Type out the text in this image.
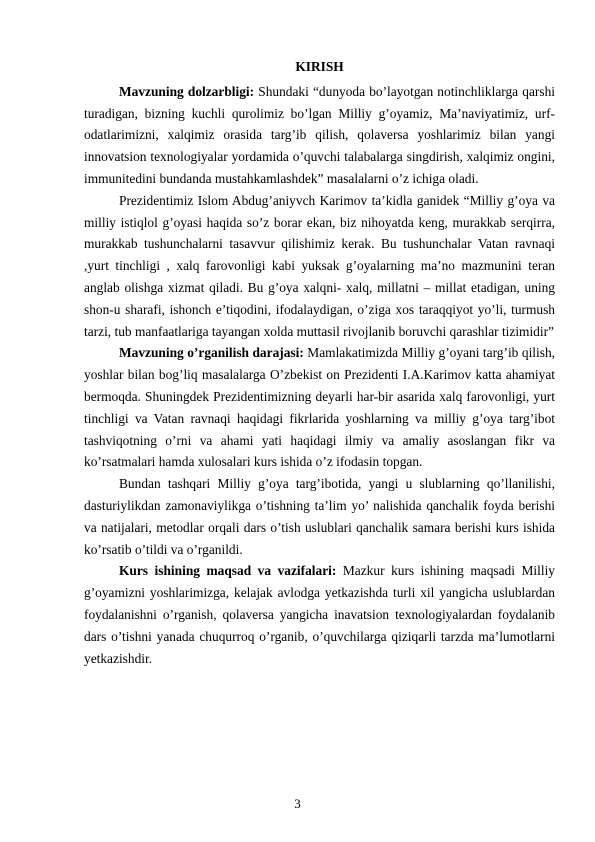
KIRISH

Mavzuning dolzarbligi: Shundaki “dunyoda bo’layotgan notinchliklarga qarshi turadigan, bizning kuchli qurolimiz bo’lgan Milliy g’oyamiz, Ma’naviyatimiz, urf-odatlarimizni, xalqimiz orasida targ’ib qilish, qolaversa yoshlarimiz bilan yangi innovatsion texnologiyalar yordamida o’quvchi talabalarga singdirish, xalqimiz ongini, immunitedini bundanda mustahkamlashdek” masalalarni o’z ichiga oladi.

Prezidentimiz Islom Abdug’aniyvch Karimov ta’kidla ganidek “Milliy g’oya va milliy istiqlol g’oyasi haqida so’z borar ekan, biz nihoyatda keng, murakkab serqirra, murakkab tushunchalarni tasavvur qilishimiz kerak. Bu tushunchalar Vatan ravnaqi ,yurt tinchligi , xalq farovonligi kabi yuksak g’oyalarning ma’no mazmunini teran anglab olishga xizmat qiladi. Bu g’oya xalqni- xalq, millatni – millat etadigan, uning shon-u sharafi, ishonch e’tiqodini, ifodalaydigan, o’ziga xos taraqqiyot yo’li, turmush tarzi, tub manfaatlariga tayangan xolda muttasil rivojlanib boruvchi qarashlar tizimidir”

Mavzuning o’rganilish darajasi: Mamlakatimizda Milliy g’oyani targ’ib qilish, yoshlar bilan bog’liq masalalarga O’zbekist on Prezidenti I.A.Karimov katta ahamiyat bermoqda. Shuningdek Prezidentimizning deyarli har-bir asarida xalq farovonligi, yurt tinchligi va Vatan ravnaqi haqidagi fikrlarida yoshlarning va milliy g’oya targ’ibot tashviqotning o’rni va ahami yati haqidagi ilmiy va amaliy asoslangan fikr va ko’rsatmalari hamda xulosalari kurs ishida o’z ifodasin topgan.

Bundan tashqari Milliy g’oya targ’ibotida, yangi u slublarning qo’llanilishi, dasturiylikdan zamonaviylikga o’tishning ta’lim yo’ nalishida qanchalik foyda berishi va natijalari, metodlar orqali dars o’tish uslublari qanchalik samara berishi kurs ishida ko’rsatib o’tildi va o’rganildi.

Kurs ishining maqsad va vazifalari: Mazkur kurs ishining maqsadi Milliy g’oyamizni yoshlarimizga, kelajak avlodga yetkazishda turli xil yangicha uslublardan foydalanishni o’rganish, qolaversa yangicha inavatsion texnologiyalardan foydalanib dars o’tishni yanada chuqurroq o’rganib, o’quvchilarga qiziqarli tarzda ma’lumotlarni yetkazishdir.

3
